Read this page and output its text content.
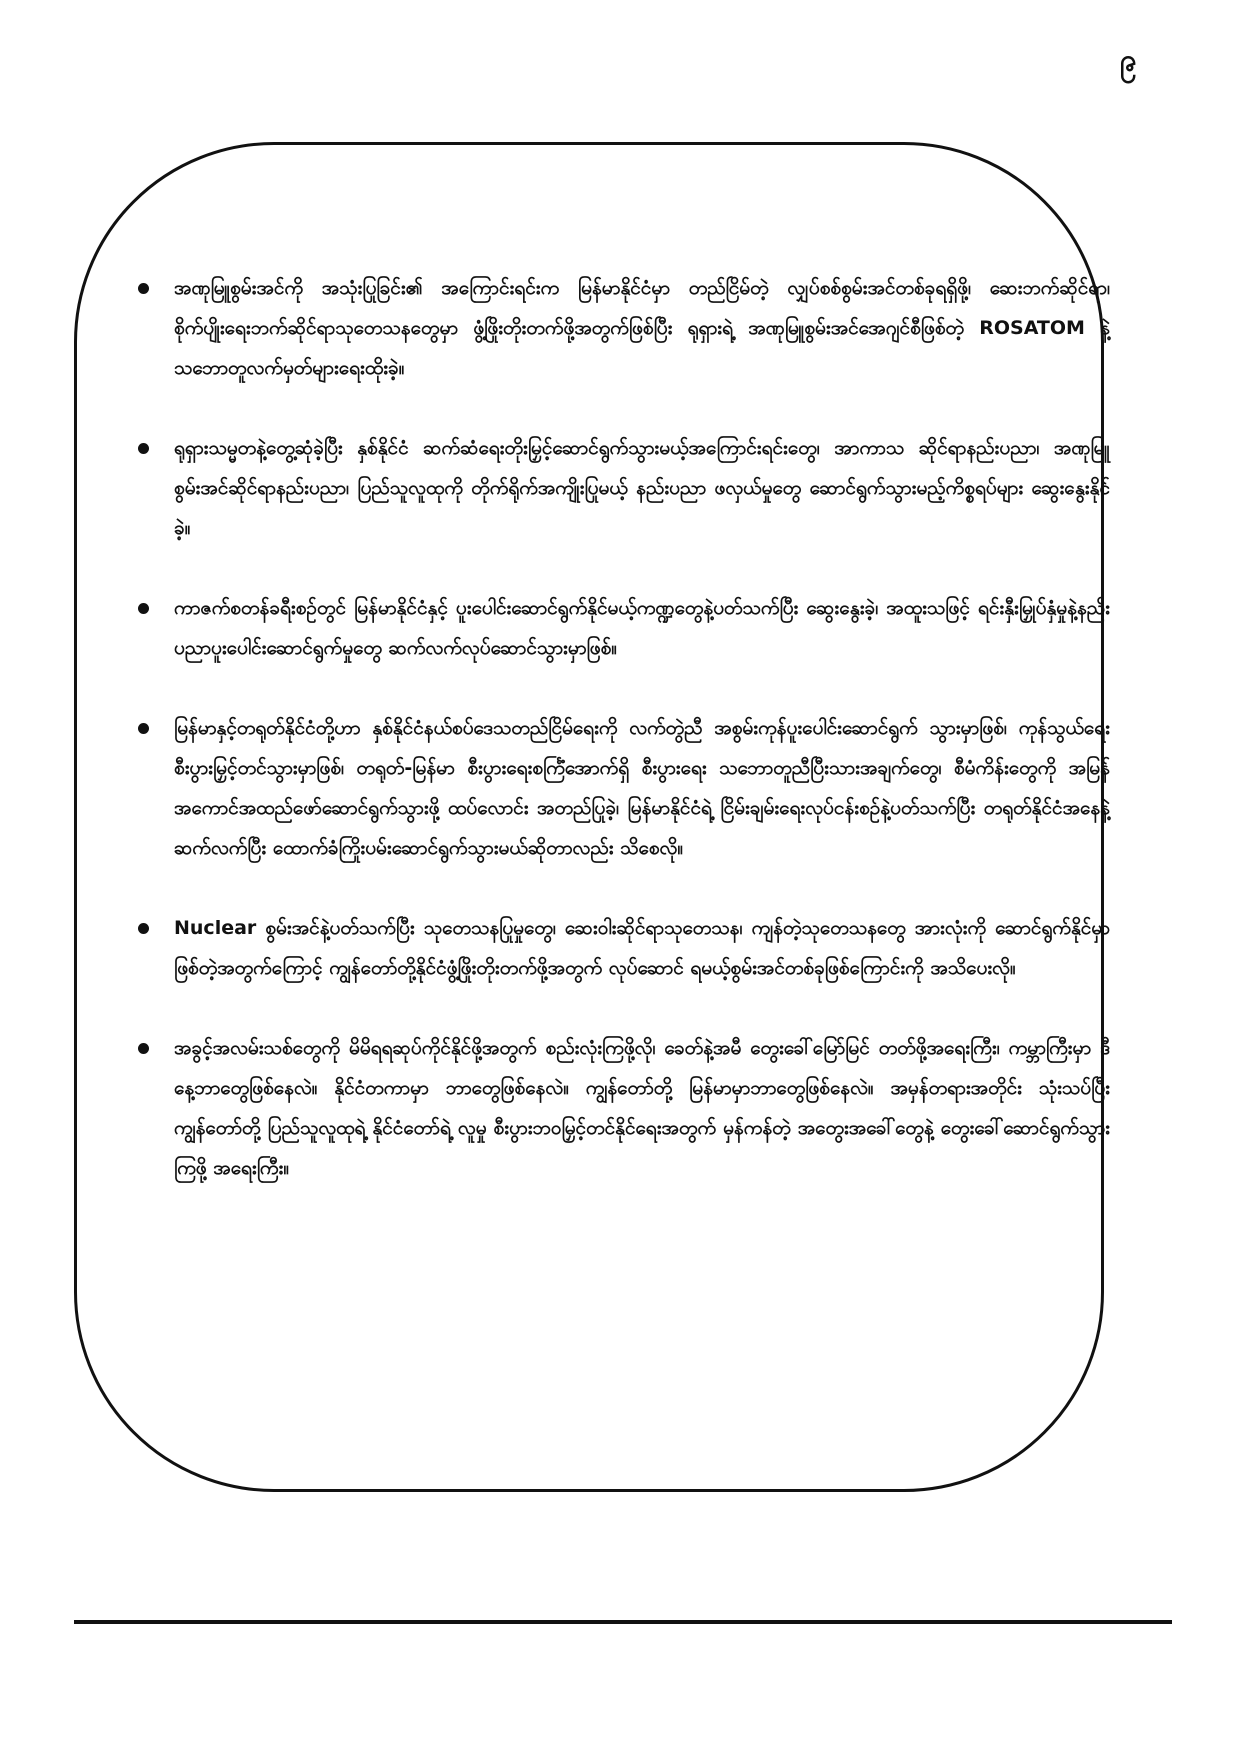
၉
အဏုမြူစွမ်းအင်ကို အသုံးပြုခြင်း၏ အကြောင်းရင်းက မြန်မာနိုင်ငံမှာ တည်ငြိမ်တဲ့ လျှပ်စစ်စွမ်းအင်တစ်ခုရရှိဖို့၊ ဆေးဘက်ဆိုင်ရာ၊ စိုက်ပျိုးရေးဘက်ဆိုင်ရာသုတေသနတွေမှာ ဖွံ့ဖြိုးတိုးတက်ဖို့အတွက်ဖြစ်ပြီး ရုရှား‌ရဲ့ အဏုမြူစွမ်းအင်အေဂျင်စီဖြစ်တဲ့ ROSATOM နဲ့ သဘောတူလက်မှတ်များရေးထိုးခဲ့။
ရုရှားသမ္မတနဲ့တွေ့ဆုံခဲ့ပြီး နှစ်နိုင်ငံ ဆက်ဆံရေးတိုးမြှင့်ဆောင်ရွက်သွားမယ့်အကြောင်းရင်းတွေ၊ အာကာသ ဆိုင်ရာနည်းပညာ၊ အဏုမြူစွမ်းအင်ဆိုင်ရာနည်းပညာ၊ ပြည်သူလူထုကို တိုက်ရိုက်အကျိုးပြုမယ့် နည်းပညာ ဖလှယ်မှုတွေ ဆောင်ရွက်သွားမည့်ကိစ္စရပ်များ ဆွေးနွေးနိုင်ခဲ့။
ကာဇက်စတန်ခရီးစဉ်တွင် မြန်မာနိုင်ငံနှင့် ပူးပေါင်းဆောင်ရွက်နိုင်မယ့်ကဏ္ဍတွေနဲ့ပတ်သက်ပြီး ဆွေးနွေးခဲ့၊ အထူးသဖြင့် ရင်းနှီးမြှုပ်နှံမှုနဲ့နည်းပညာပူးပေါင်းဆောင်ရွက်မှုတွေ ဆက်လက်လုပ်ဆောင်သွားမှာဖြစ်။
မြန်မာနှင့်တရုတ်နိုင်ငံတို့ဟာ နှစ်နိုင်ငံနယ်စပ်ဒေသတည်ငြိမ်ရေးကို လက်တွဲညီ အစွမ်းကုန်ပူးပေါင်းဆောင်ရွက် သွားမှာဖြစ်၊ ကုန်သွယ်ရေးစီးပွားမြှင့်တင်သွားမှာဖြစ်၊ တရုတ်-မြန်မာ စီးပွားရေးစင်္ကြံအောက်ရှိ စီးပွားရေး သဘောတူညီပြီးသားအချက်တွေ၊ စီမံကိန်းတွေကို အမြန်အကောင်အထည်ဖော်ဆောင်ရွက်သွားဖို့ ထပ်လောင်း အတည်ပြုခဲ့၊ မြန်မာနိုင်ငံရဲ့ ငြိမ်းချမ်းရေးလုပ်ငန်းစဉ်နဲ့ပတ်သက်ပြီး တရုတ်နိုင်ငံအနေနဲ့ ဆက်လက်ပြီး ထောက်ခံကြိုးပမ်းဆောင်ရွက်သွားမယ်ဆိုတာလည်း သိစေလို။
Nuclear စွမ်းအင်နဲ့ပတ်သက်ပြီး သုတေသနပြုမှုတွေ၊ ဆေးဝါးဆိုင်ရာသုတေသန၊ ကျန်တဲ့သုတေသနတွေ အားလုံးကို ဆောင်ရွက်နိုင်မှာဖြစ်တဲ့အတွက်ကြောင့် ကျွန်တော်တို့နိုင်ငံဖွံ့ဖြိုးတိုးတက်ဖို့အတွက် လုပ်ဆောင် ရမယ့်စွမ်းအင်တစ်ခုဖြစ်ကြောင်းကို အသိပေးလို။
အခွင့်အလမ်းသစ်တွေကို မိမိရရဆုပ်ကိုင်နိုင်ဖို့အတွက် စည်းလုံးကြဖို့လို၊ ခေတ်နဲ့အမီ တွေးခေါ်မြော်မြင် တတ်ဖို့အရေးကြီး၊ ကမ္ဘာကြီးမှာ ဒီနေ့ဘာတွေဖြစ်နေလဲ။ နိုင်ငံတကာမှာ ဘာတွေဖြစ်နေလဲ။ ကျွန်တော်တို့ မြန်မာမှာဘာတွေဖြစ်နေလဲ။ အမှန်တရားအတိုင်း သုံးသပ်ပြီး ကျွန်တော်တို့ ပြည်သူလူထုရဲ့ နိုင်ငံတော်ရဲ့ လူမှု စီးပွားဘဝမြှင့်တင်နိုင်ရေးအတွက် မှန်ကန်တဲ့ အတွေးအခေါ်တွေနဲ့ တွေးခေါ်ဆောင်ရွက်သွားကြဖို့ အရေးကြီး။
